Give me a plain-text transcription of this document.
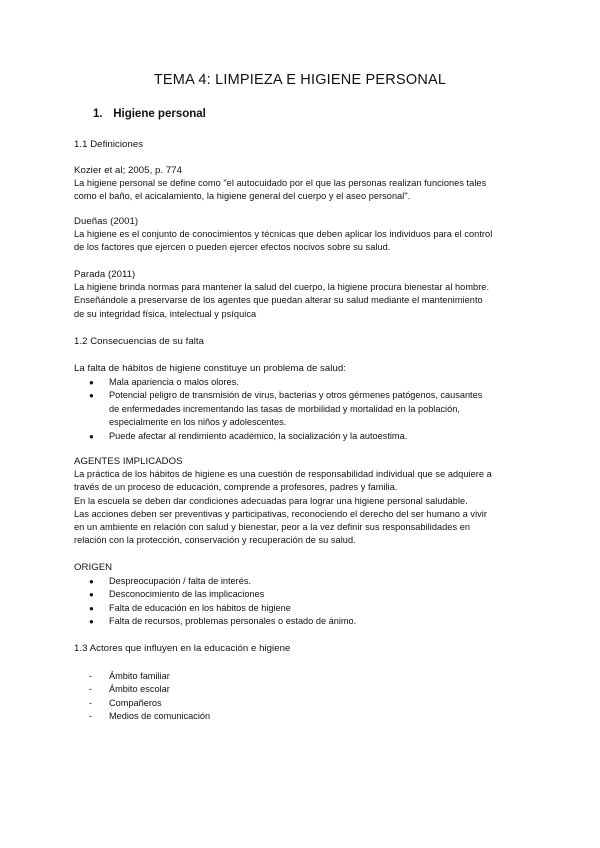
TEMA 4: LIMPIEZA E HIGIENE PERSONAL
1. Higiene personal
1.1 Definiciones

Kozier et al; 2005, p. 774

La higiene personal se define como "el autocuidado por el que las personas realizan funciones tales

como el baño, el acicalamiento, la higiene general del cuerpo y el aseo personal".

Dueñas (2001)

La higiene es el conjunto de conocimientos y técnicas que deben aplicar los individuos para el control

de los factores que ejercen o pueden ejercer efectos nocivos sobre su salud.

Parada (2011)

La higiene brinda normas para mantener la salud del cuerpo, la higiene procura bienestar al hombre.

Enseñándole a preservarse de los agentes que puedan alterar su salud mediante el mantenimiento

de su integridad física, intelectual y psíquica

1.2 Consecuencias de su falta
La falta de hábitos de higiene constituye un problema de salud:
● Mala apariencia o malos olores.
● Potencial peligro de transmisión de virus, bacterias y otros gérmenes patógenos, causantes
de enfermedades incrementando las tasas de morbilidad y mortalidad en la población,
especialmente en los niños y adolescentes.
● Puede afectar al rendimiento académico, la socialización y la autoestima.

AGENTES IMPLICADOS

La práctica de los hábitos de higiene es una cuestión de responsabilidad individual que se adquiere a

través de un proceso de educación, comprende a profesores, padres y familia.

En la escuela se deben dar condiciones adecuadas para lograr una higiene personal saludable.

Las acciones deben ser preventivas y participativas, reconociendo el derecho del ser humano a vivir

en un ambiente en relación con salud y bienestar, peor a la vez definir sus responsabilidades en

relación con la protección, conservación y recuperación de su salud.

ORIGEN
● Despreocupación / falta de interés.
● Desconocimiento de las implicaciones
● Falta de educación en los hábitos de higiene
● Falta de recursos, problemas personales o estado de ánimo.
1.3 Actores que influyen en la educación e higiene
- Ámbito familiar
- Ámbito escolar
- Compañeros
- Medios de comunicación
